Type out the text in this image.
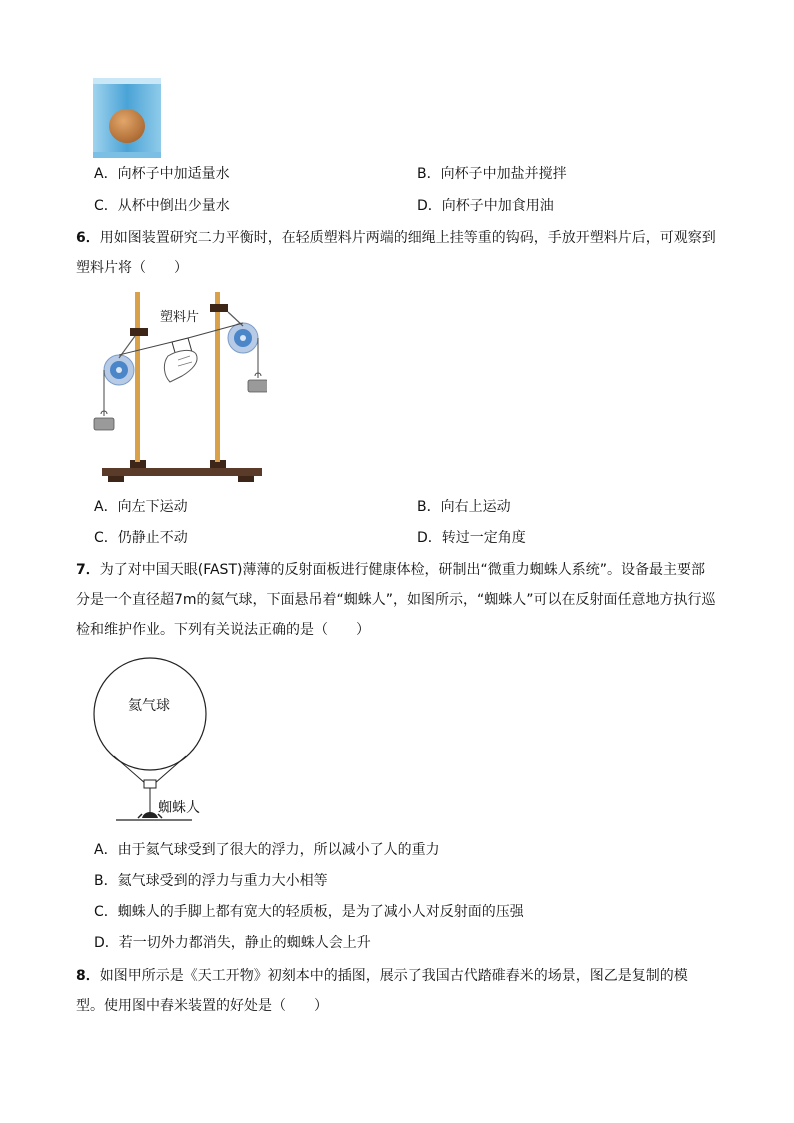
A．向杯子中加适量水	B．向杯子中加盐并搅拌
C．从杯中倒出少量水	D．向杯子中加食用油
6．用如图装置研究二力平衡时，在轻质塑料片两端的细绳上挂等重的钩码，手放开塑料片后，可观察到
塑料片将（　　）
塑料片
A．向左下运动	B．向右上运动
C．仍静止不动	D．转过一定角度
7．为了对中国天眼(FAST)薄薄的反射面板进行健康体检，研制出“微重力蜘蛛人系统”。设备最主要部
分是一个直径超7m的氦气球，下面悬吊着“蜘蛛人”，如图所示，“蜘蛛人”可以在反射面任意地方执行巡
检和维护作业。下列有关说法正确的是（　　）
氦气球
蜘蛛人
A．由于氦气球受到了很大的浮力，所以减小了人的重力
B．氦气球受到的浮力与重力大小相等
C．蜘蛛人的手脚上都有宽大的轻质板，是为了减小人对反射面的压强
D．若一切外力都消失，静止的蜘蛛人会上升
8．如图甲所示是《天工开物》初刻本中的插图，展示了我国古代踏碓舂米的场景，图乙是复制的模
型。使用图中舂米装置的好处是（　　）
